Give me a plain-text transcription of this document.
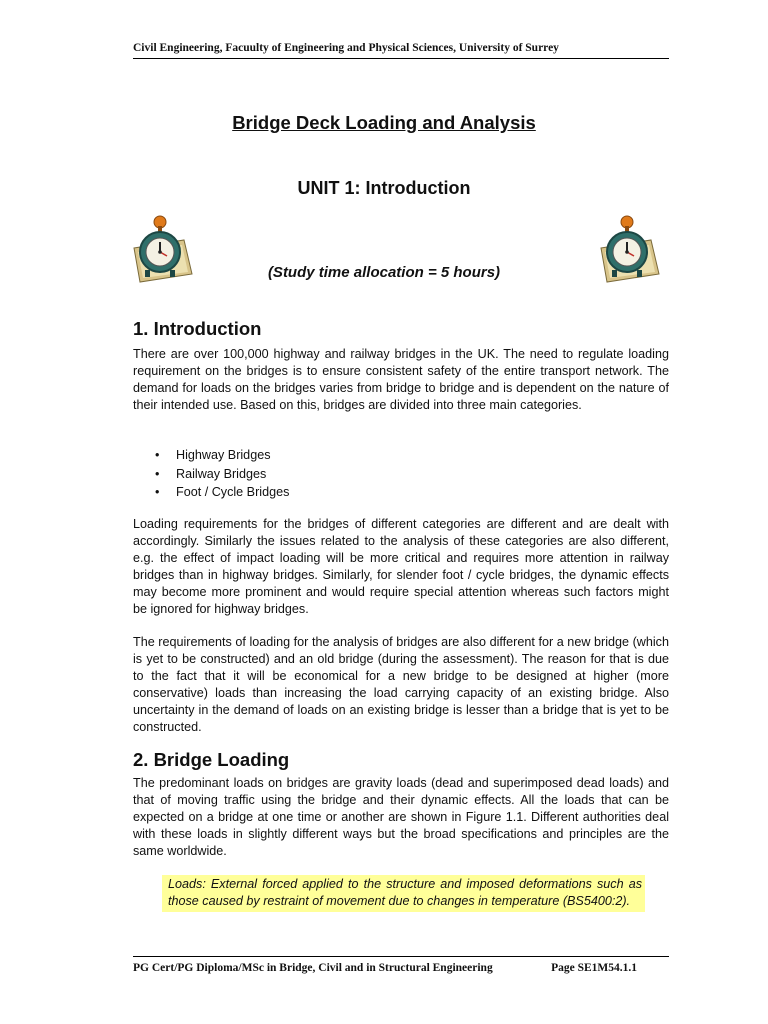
Civil Engineering, Facuulty of Engineering and Physical Sciences, University of Surrey
Bridge Deck Loading and Analysis
UNIT 1: Introduction
(Study time allocation = 5 hours)
1. Introduction

There are over 100,000 highway and railway bridges in the UK. The need to regulate loading requirement on the bridges is to ensure consistent safety of the entire transport network. The demand for loads on the bridges varies from bridge to bridge and is dependent on the nature of their intended use. Based on this, bridges are divided into three main categories.

• Highway Bridges
• Railway Bridges
• Foot / Cycle Bridges

Loading requirements for the bridges of different categories are different and are dealt with accordingly. Similarly the issues related to the analysis of these categories are also different, e.g. the effect of impact loading will be more critical and requires more attention in railway bridges than in highway bridges. Similarly, for slender foot / cycle bridges, the dynamic effects may become more prominent and would require special attention whereas such factors might be ignored for highway bridges.

The requirements of loading for the analysis of bridges are also different for a new bridge (which is yet to be constructed) and an old bridge (during the assessment). The reason for that is due to the fact that it will be economical for a new bridge to be designed at higher (more conservative) loads than increasing the load carrying capacity of an existing bridge. Also uncertainty in the demand of loads on an existing bridge is lesser than a bridge that is yet to be constructed.

2. Bridge Loading

The predominant loads on bridges are gravity loads (dead and superimposed dead loads) and that of moving traffic using the bridge and their dynamic effects. All the loads that can be expected on a bridge at one time or another are shown in Figure 1.1. Different authorities deal with these loads in slightly different ways but the broad specifications and principles are the same worldwide.

Loads: External forced applied to the structure and imposed deformations such as those caused by restraint of movement due to changes in temperature (BS5400:2).
PG Cert/PG Diploma/MSc in Bridge, Civil and in Structural Engineering	Page SE1M54.1.1
